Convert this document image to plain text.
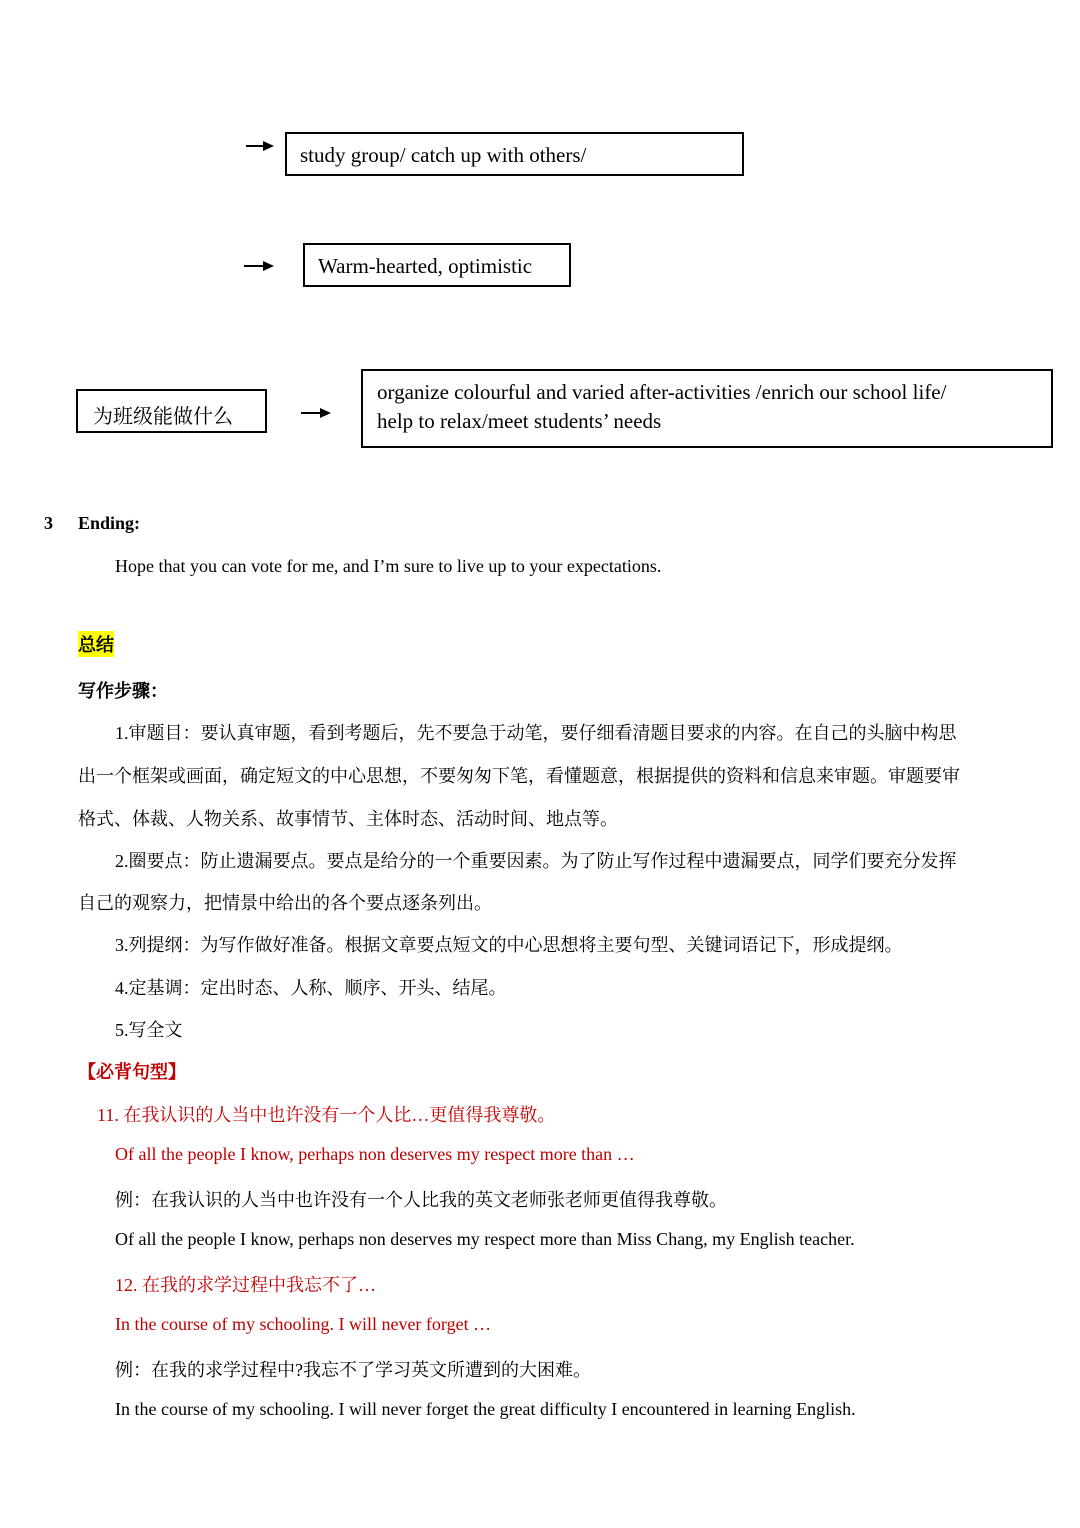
study group/ catch up with others/
Warm-hearted, optimistic
为班级能做什么
organize colourful and varied after-activities /enrich our school life/
help to relax/meet students’ needs
3 Ending:
Hope that you can vote for me, and I’m sure to live up to your expectations.
总结
写作步骤：
1.审题目：要认真审题，看到考题后，先不要急于动笔，要仔细看清题目要求的内容。在自己的头脑中构思
出一个框架或画面，确定短文的中心思想，不要匆匆下笔，看懂题意，根据提供的资料和信息来审题。审题要审
格式、体裁、人物关系、故事情节、主体时态、活动时间、地点等。
2.圈要点：防止遗漏要点。要点是给分的一个重要因素。为了防止写作过程中遗漏要点，同学们要充分发挥
自己的观察力，把情景中给出的各个要点逐条列出。
3.列提纲：为写作做好准备。根据文章要点短文的中心思想将主要句型、关键词语记下，形成提纲。
4.定基调：定出时态、人称、顺序、开头、结尾。
5.写全文
【必背句型】
11. 在我认识的人当中也许没有一个人比…更值得我尊敬。
Of all the people I know, perhaps non deserves my respect more than …
例：在我认识的人当中也许没有一个人比我的英文老师张老师更值得我尊敬。
Of all the people I know, perhaps non deserves my respect more than Miss Chang, my English teacher.
12. 在我的求学过程中我忘不了…
In the course of my schooling. I will never forget …
例：在我的求学过程中?我忘不了学习英文所遭到的大困难。
In the course of my schooling. I will never forget the great difficulty I encountered in learning English.
